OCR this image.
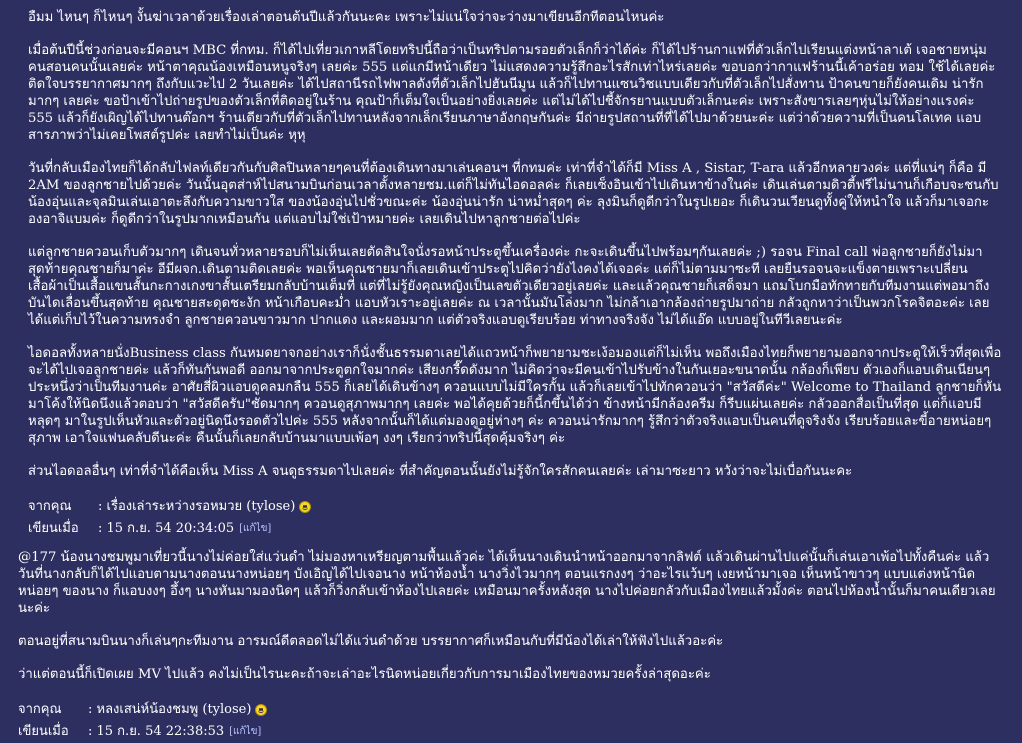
อืมม ไหนๆ ก็ไหนๆ งั้นฆ่าเวลาด้วยเรื่องเล่าตอนต้นปีแล้วกันนะคะ เพราะไม่แน่ใจว่าจะว่างมาเขียนอีกทีตอนไหนค่ะ

เมื่อต้นปีนี้ช่วงก่อนจะมีคอนฯ MBC ที่กทม. ก็ได้ไปเที่ยวเกาหลีโดยทริปนี้ถือว่าเป็นทริปตามรอยตัวเล็กก็ว่าได้ค่ะ ก็ได้ไปร้านกาแฟที่ตัวเล็กไปเรียนแต่งหน้าลาเต้ เจอชายหนุ่มคนสอนคนนั้นเลยค่ะ หน้าตาคุณน้องเหมือนหนูจริงๆ เลยค่ะ 555 แต่แกมีหน้าเดียว ไม่แสดงความรู้สึกอะไรสักเท่าไหร่เลยค่ะ ขอบอกว่ากาแฟร้านนี้เค้าอร่อย หอม ใช้ได้เลยค่ะ ติดใจบรรยากาศมากๆ ถึงกับแวะไป 2 วันเลยค่ะ ได้ไปสถานีรถไฟพาลดังที่ตัวเล็กไปฮันนีมูน แล้วก็ไปทานแซนวิชแบบเดียวกับที่ตัวเล็กไปสั่งทาน ป้าคนขายก็ยังคนเดิม น่ารักมากๆ เลยค่ะ ขอป้าเข้าไปถ่ายรูปของตัวเล็กที่ติดอยู่ในร้าน คุณป้าก็เต็มใจเป็นอย่างยิ่งเลยค่ะ แต่ไม่ได้ไปชี้จักรยานแบบตัวเล็กนะค่ะ เพราะสังขารเลยๆหุ่นไม่ให้อย่างแรงค่ะ 555 แล้วก็ยังเผิญได้ไปทานต๊อกฯ ร้านเดียวกับที่ตัวเล็กไปทานหลังจากเล็กเรียนภาษาอังกฤษกันค่ะ มีถ่ายรูปสถานที่ที่ได้ไปมาด้วยนะค่ะ แต่ว่าด้วยความที่เป็นคนโลเทค แอบสารภาพว่าไม่เคยโพสต์รูปค่ะ เลยทำไม่เป็นค่ะ หุหุ

วันที่กลับเมืองไทยก็ได้กลับไฟลท์เดียวกันกับศิลปินหลายๆคนที่ต้องเดินทางมาเล่นคอนฯ ที่กทมค่ะ เท่าที่จำได้ก็มี Miss A , Sistar, T-ara แล้วอีกหลายวงค่ะ แต่ที่แน่ๆ ก็คือ มี 2AM ของลูกชายไปด้วยค่ะ วันนั้นอุตส่าห์ไปสนามบินก่อนเวลาตั้งหลายชม.แต่ก็ไม่ทันไอดอลค่ะ ก็เลยเซ็งอินเข้าไปเดินหาข้างในค่ะ เดินเล่นตามดิวตี้ฟรีไม่นานก็เกือบจะชนกับน้องอุ่นและจุลมินเล่นเอาตะลึงกับความขาวใส ของน้องอุ่นไปชั่วขณะค่ะ น้องอุ่นน่ารัก น่าหม่ำสุดๆ ค่ะ ลุงมินก็ดูดีกว่าในรูปเยอะ ก็เดินวนเวียนดูทั้งคู่ให้หนำใจ แล้วก็มาเจอกะ องอาจิแบมค่ะ ก็ดูดีกว่าในรูปมากเหมือนกัน แต่แอบไม่ใช่เป้าหมายค่ะ เลยเดินไปหาลูกชายต่อไปค่ะ

แต่ลูกชายควอนเก็บตัวมากๆ เดินจนทั่วหลายรอบก็ไม่เห็นเลยตัดสินใจนั่งรอหน้าประตูขึ้นเครื่องค่ะ กะจะเดินขึ้นไปพร้อมๆกันเลยค่ะ ;) รอจน Final call พ่อลูกชายก็ยังไม่มา สุดท้ายคุณชายก็มาค่ะ อีมีผจก.เดินตามติดเลยค่ะ พอเห็นคุณชายมาก็เลยเดินเข้าประตูไปคิดว่ายังไงคงได้เจอค่ะ แต่ก็ไม่ตามมาซะที เลยยืนรอจนจะแข็งตายเพราะเปลี่ยนเสื้อผ้าเป็นเสื้อแขนสั้นกะกางเกงขาสั้นเตรียมกลับบ้านเต็มที่ แต่ที่ไม่รู้ยังคุณหญิงเป็นเลขตัวเดียวอยู่เลยค่ะ และแล้วคุณชายก็เสด็จมา แถมโบกมือทักทายกับทีมงานแต่พอมาถึงบันไดเลื่อนขึ้นสุดท้าย คุณชายสะดุดชะงัก หน้าเกือบคะม่ำ แอบหัวเราะอยู่เลยค่ะ ณ เวลานั้นมันโล่งมาก ไม่กล้าเอากล้องถ่ายรูปมาถ่าย กลัวถูกหาว่าเป็นพวกโรคจิตอะค่ะ เลยได้แต่เก็บไว้ในความทรงจำ ลูกชายควอนขาวมาก ปากแดง และผอมมาก แต่ตัวจริงแอบดูเรียบร้อย ท่าทางจริงจัง ไม่ได้แอ๊ด แบบอยู่ในทีวีเลยนะค่ะ

ไอดอลทั้งหลายนั่งBusiness class กันหมดยาจกอย่างเราก็นั่งชั้นธรรมดาเลยได้แถวหน้าก็พยายามชะเง้อมองแต่ก็ไม่เห็น พอถึงเมืองไทยก็พยายามออกจากประตูให้เร็วที่สุดเพื่อจะได้ไปเจอลูกชายค่ะ แล้วก็ทันกันพอดี ออกมาจากประตูตกใจมากค่ะ เสียงกรี๊ดดังมาก ไม่คิดว่าจะมีคนเข้าไปรับข้างในกันเยอะขนาดนั้น กล้องก็เพียบ ตัวเองก็แอบเดินเนียนๆ ประหนึ่งว่าเป็นทีมงานค่ะ อาศัยสี่ผิวแอบดูคลมกลืน 555 ก็เลยได้เดินข้างๆ ควอนแบบไม่มีใครกั้น แล้วก็เลยเข้าไปทักควอนว่า "สวัสดีค่ะ" Welcome to Thailand ลูกชายก็หันมาโค้งให้นิดนึงแล้วตอบว่า "สวัสดีครับ"ชัดมากๆ ควอนดูสุภาพมากๆ เลยค่ะ พอได้คุยด้วยก็นี้กขึ้นได้ว่า ข้างหน้ามีกล้องครีม ก็รีบแผ่นเลยค่ะ กลัวออกสื่อเป็นที่สุด แต่ก็แอบมีหลุดๆ มาในรูปเห็นหัวและตัวอยู่นิดนึงรอดตัวไปค่ะ 555 หลังจากนั้นก็ได้แต่มองดูอยู่ห่างๆ ค่ะ ควอนน่ารักมากๆ รู้สึกว่าตัวจริงแอบเป็นคนที่ดูจริงจัง เรียบร้อยและขี้อายหน่อยๆ สุภาพ เอาใจแฟนคลับดีนะค่ะ คืนนั้นก็เลยกลับบ้านมาแบบเพ้อๆ งงๆ เรียกว่าทริปนี้สุดคุ้มจริงๆ ค่ะ

ส่วนไอดอลอื่นๆ เท่าที่จำได้คือเห็น Miss A จนดูธรรมดาไปเลยค่ะ ที่สำคัญตอนนั้นยังไม่รู้จักใครสักคนเลยค่ะ เล่ามาซะยาว หวังว่าจะไม่เบื่อกันนะคะ

จากคุณ	: เรื่องเล่าระหว่างรอหมวย (tylose)
เขียนเมื่อ	: 15 ก.ย. 54 20:34:05 [แก้ไข]

@177 น้องนางชมพูมาเที่ยวนี้นางไม่ค่อยใส่แว่นดำ ไม่มองหาเหรียญตามพื้นแล้วค่ะ ได้เห็นนางเดินนำหน้าออกมาจากลิฟต์ แล้วเดินผ่านไปแค่นั้นก็เล่นเอาเพ้อไปทั้งคืนค่ะ แล้ววันที่นางกลับก็ได้ไปแอบตามนางตอนนางหน่อยๆ บังเอิญได้ไปเจอนาง หน้าห้องน้ำ นางวิ่งไวมากๆ ตอนแรกงงๆ ว่าอะไรแว้บๆ เงยหน้ามาเจอ เห็นหน้าขาวๆ แบบแต่งหน้านิดหน่อยๆ ของนาง ก็แอบงงๆ อึ้งๆ นางหันมามองนิดๆ แล้วก็วิ่งกลับเข้าห้องไปเลยค่ะ เหมือนมาครั้งหลังสุด นางไปค่อยกลัวกับเมืองไทยแล้วมั้งค่ะ ตอนไปห้องน้ำนั้นก็มาคนเดียวเลยนะค่ะ

ตอนอยู่ที่สนามบินนางก็เล่นๆกะทีมงาน อารมณ์ดีตลอดไม่ได้แว่นดำด้วย บรรยากาศก็เหมือนกับที่มีน้องได้เล่าให้ฟังไปแล้วอะค่ะ

ว่าแต่ตอนนี้ก็เปิดเผย MV ไปแล้ว คงไม่เป็นไรนะคะถ้าจะเล่าอะไรนิดหน่อยเกี่ยวกับการมาเมืองไทยของหมวยครั้งล่าสุดอะค่ะ

จากคุณ	: หลงเสน่ห์น้องชมพู (tylose)
เขียนเมื่อ	: 15 ก.ย. 54 22:38:53 [แก้ไข]
